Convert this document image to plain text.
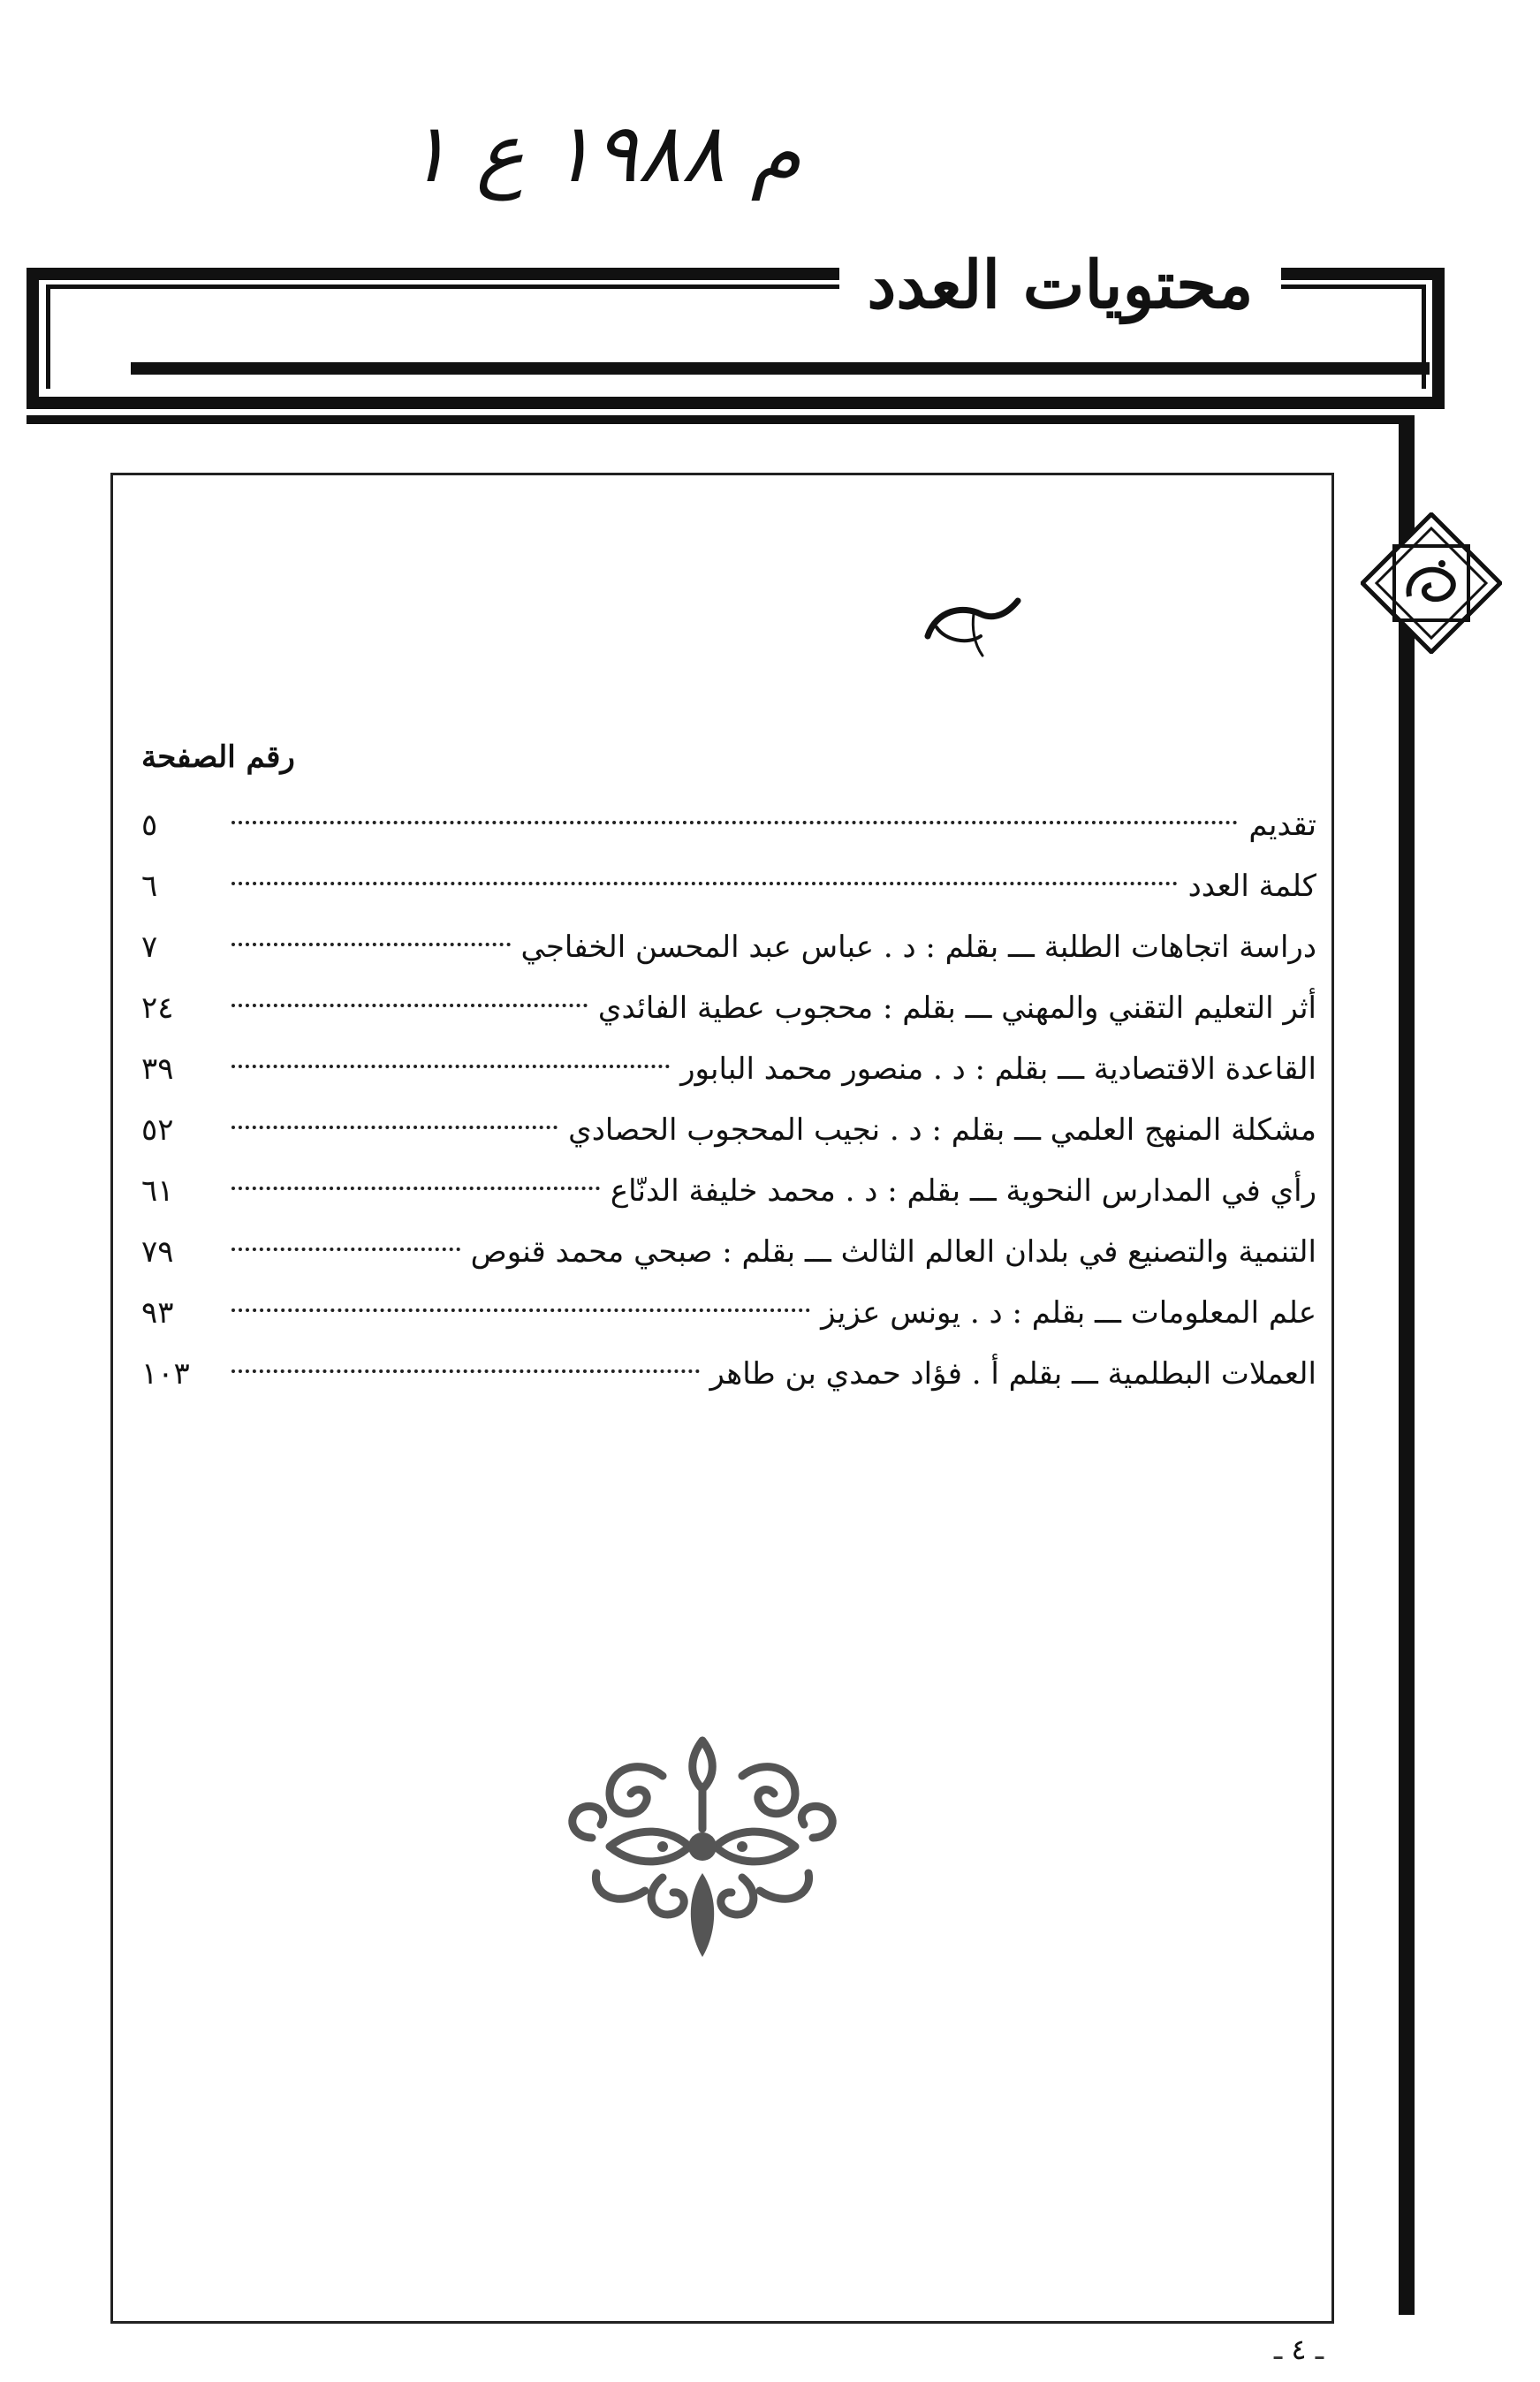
م ١٩٨٨ ع ١
محتويات العدد
رقم الصفحة
٥	تقديم
٦	كلمة العدد
٧	دراسة اتجاهات الطلبة ـــ بقلم : د . عباس عبد المحسن الخفاجي
٢٤	أثر التعليم التقني والمهني ـــ بقلم : محجوب عطية الفائدي
٣٩	القاعدة الاقتصادية ـــ بقلم : د . منصور محمد البابور
٥٢	مشكلة المنهج العلمي ـــ بقلم : د . نجيب المحجوب الحصادي
٦١	رأي في المدارس النحوية ـــ بقلم : د . محمد خليفة الدنّاع
٧٩	التنمية والتصنيع في بلدان العالم الثالث ـــ بقلم : صبحي محمد قنوص
٩٣	علم المعلومات ـــ بقلم : د . يونس عزيز
١٠٣	العملات البطلمية ـــ بقلم أ . فؤاد حمدي بن طاهر
ـ ٤ ـ
